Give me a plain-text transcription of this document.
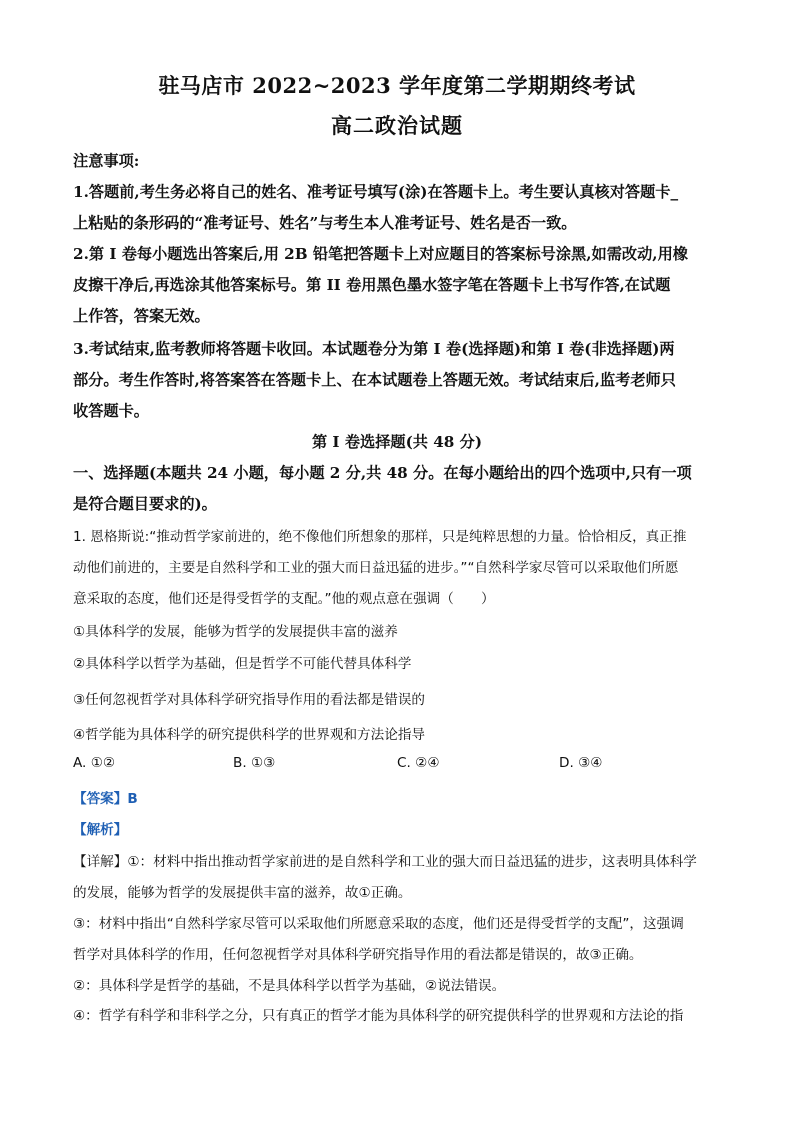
驻马店市 2022~2023 学年度第二学期期终考试
高二政治试题
注意事项:
1.答题前,考生务必将自己的姓名、准考证号填写(涂)在答题卡上。考生要认真核对答题卡_
上粘贴的条形码的“准考证号、姓名”与考生本人准考证号、姓名是否一致。
2.第 I 卷每小题选出答案后,用 2B 铅笔把答题卡上对应题目的答案标号涂黑,如需改动,用橡
皮擦干净后,再选涂其他答案标号。第 II 卷用黑色墨水签字笔在答题卡上书写作答,在试题
上作答，答案无效。
3.考试结束,监考教师将答题卡收回。本试题卷分为第 I 卷(选择题)和第 I 卷(非选择题)两
部分。考生作答时,将答案答在答题卡上、在本试题卷上答题无效。考试结束后,监考老师只
收答题卡。
第 I 卷选择题(共 48 分)
一、选择题(本题共 24 小题，每小题 2 分,共 48 分。在每小题给出的四个选项中,只有一项
是符合题目要求的)。
1. 恩格斯说:“推动哲学家前进的，绝不像他们所想象的那样，只是纯粹思想的力量。恰恰相反，真正推
动他们前进的，主要是自然科学和工业的强大而日益迅猛的进步。”“自然科学家尽管可以采取他们所愿
意采取的态度，他们还是得受哲学的支配。”他的观点意在强调（　　）
①具体科学的发展，能够为哲学的发展提供丰富的滋养
②具体科学以哲学为基础，但是哲学不可能代替具体科学
③任何忽视哲学对具体科学研究指导作用的看法都是错误的
④哲学能为具体科学的研究提供科学的世界观和方法论指导
A. ①②	B. ①③	C. ②④	D. ③④
【答案】B
【解析】
【详解】①：材料中指出推动哲学家前进的是自然科学和工业的强大而日益迅猛的进步，这表明具体科学
的发展，能够为哲学的发展提供丰富的滋养，故①正确。
③：材料中指出“自然科学家尽管可以采取他们所愿意采取的态度，他们还是得受哲学的支配”，这强调
哲学对具体科学的作用，任何忽视哲学对具体科学研究指导作用的看法都是错误的，故③正确。
②：具体科学是哲学的基础，不是具体科学以哲学为基础，②说法错误。
④：哲学有科学和非科学之分，只有真正的哲学才能为具体科学的研究提供科学的世界观和方法论的指
